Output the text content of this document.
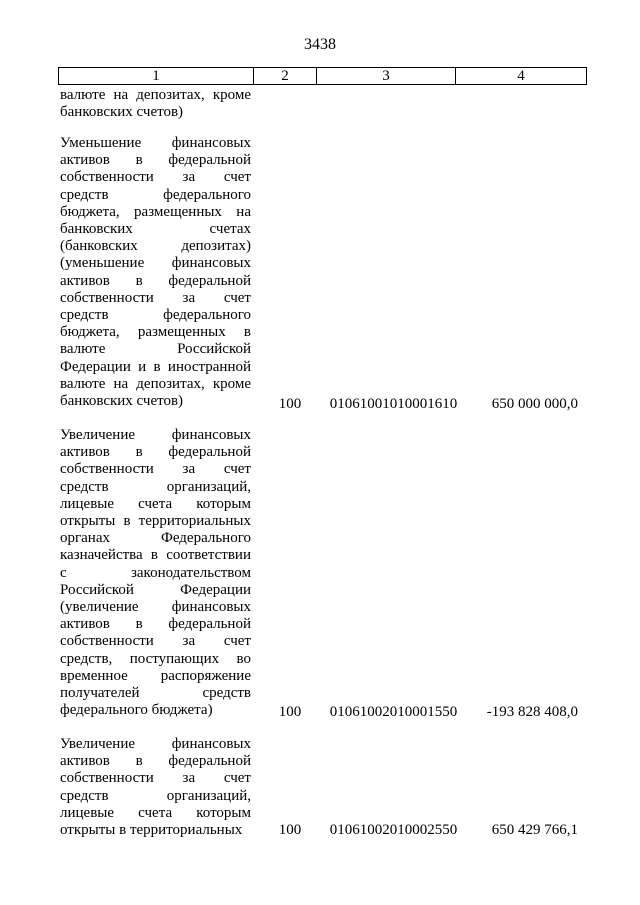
3438
1	2	3	4
валюте на депозитах, кроме банковских счетов)
Уменьшение финансовых активов в федеральной собственности за счет средств федерального бюджета, размещенных на банковских счетах (банковских депозитах) (уменьшение финансовых активов в федеральной собственности за счет средств федерального бюджета, размещенных в валюте Российской Федерации и в иностранной валюте на депозитах, кроме банковских счетов)	100	01061001010001610	650 000 000,0
Увеличение финансовых активов в федеральной собственности за счет средств организаций, лицевые счета которым открыты в территориальных органах Федерального казначейства в соответствии с законодательством Российской Федерации (увеличение финансовых активов в федеральной собственности за счет средств, поступающих во временное распоряжение получателей средств федерального бюджета)	100	01061002010001550	-193 828 408,0
Увеличение финансовых активов в федеральной собственности за счет средств организаций, лицевые счета которым открыты в территориальных	100	01061002010002550	650 429 766,1
